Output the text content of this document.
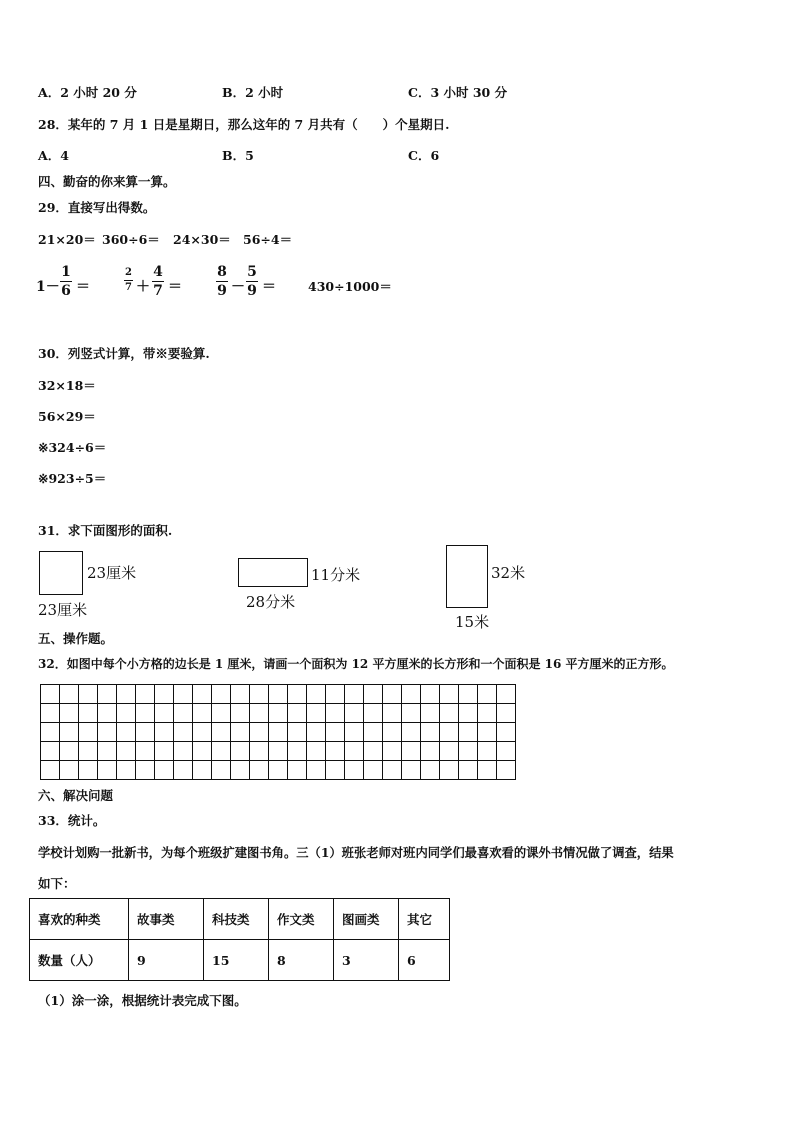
A．2 小时 20 分	B．2 小时	C．3 小时 30 分
28．某年的 7 月 1 日是星期日，那么这年的 7 月共有（　　）个星期日.
A．4	B．5	C．6
四、勤奋的你来算一算。
29．直接写出得数。
21×20＝ 360÷6＝ 24×30＝ 56÷4＝
1－
1
6 ＝
2
7 ＋
4
7 ＝
8
9 －
5
9 ＝	430÷1000＝
30．列竖式计算，带※要验算.
32×18＝
56×29＝
※324÷6＝
※923÷5＝
31．求下面图形的面积.
23厘米
23厘米
11分米
28分米
32米
15米
五、操作题。
32．如图中每个小方格的边长是 1 厘米，请画一个面积为 12 平方厘米的长方形和一个面积是 16 平方厘米的正方形。

六、解决问题
33．统计。
学校计划购一批新书，为每个班级扩建图书角。三（1）班张老师对班内同学们最喜欢看的课外书情况做了调查，结果
如下：
喜欢的种类	故事类	科技类	作文类	图画类	其它
数量（人）	9	15	8	3	6
（1）涂一涂，根据统计表完成下图。
